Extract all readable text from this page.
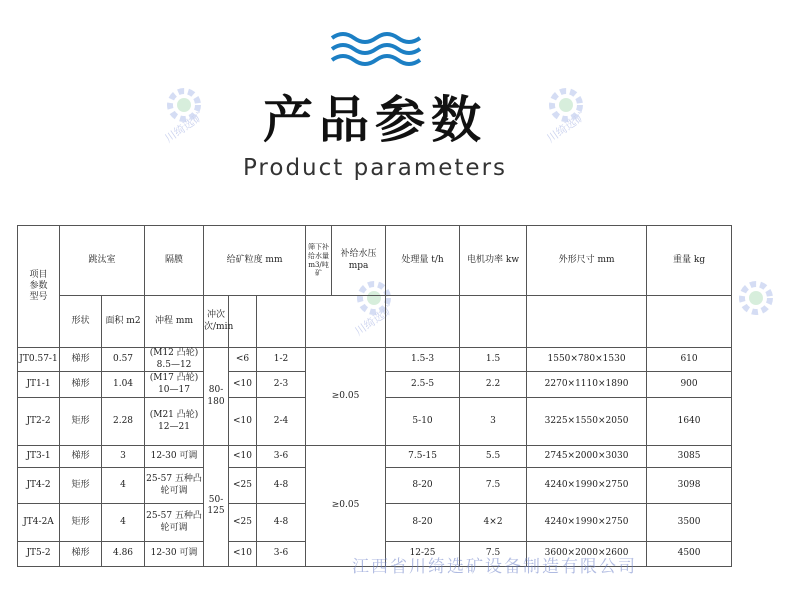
产品参数
Product parameters
川绮选矿	川绮选矿
川绮选矿
项目
参数
型号	跳汰室		隔膜	给矿粒度 mm			筛下补给水量 m3/吨矿	补给水压 mpa	处理量 t/h	电机功率 kw	外形尺寸 mm	重量 kg
	形状	面积 m2	冲程 mm	冲次 次/min								
JT0.57-1	梯形	0.57	(M12 凸轮) 8.5—12	80-180	<6	1-2	≥0.05		1.5-3	1.5	1550×780×1530	610
JT1-1	梯形	1.04	(M17 凸轮) 10—17		<10	2-3			2.5-5	2.2	2270×1110×1890	900
JT2-2	矩形	2.28	(M21 凸轮) 12—21		<10	2-4			5-10	3	3225×1550×2050	1640
JT3-1	梯形	3	12-30 可调	50-125	<10	3-6	≥0.05		7.5-15	5.5	2745×2000×3030	3085
JT4-2	矩形	4	25-57 五种凸轮可调		<25	4-8			8-20	7.5	4240×1990×2750	3098
JT4-2A	矩形	4	25-57 五种凸轮可调		<25	4-8			8-20	4×2	4240×1990×2750	3500
JT5-2	梯形	4.86	12-30 可调		<10	3-6			12-25	7.5	3600×2000×2600	4500
江西省川绮选矿设备制造有限公司
